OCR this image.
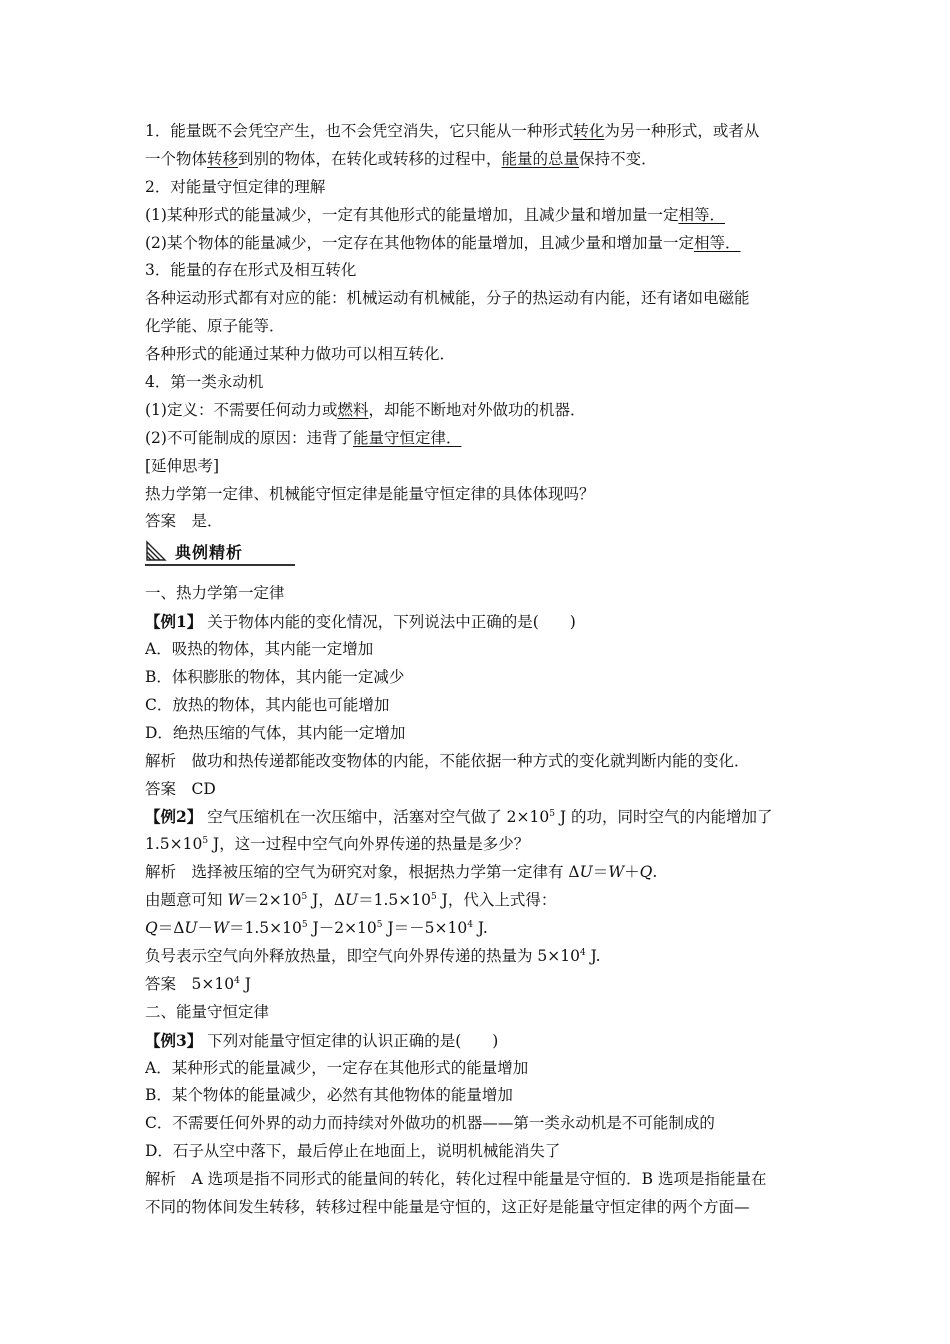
1．能量既不会凭空产生，也不会凭空消失，它只能从一种形式转化为另一种形式，或者从
一个物体转移到别的物体，在转化或转移的过程中，能量的总量保持不变．
2．对能量守恒定律的理解
(1)某种形式的能量减少，一定有其他形式的能量增加，且减少量和增加量一定相等．
(2)某个物体的能量减少，一定存在其他物体的能量增加，且减少量和增加量一定相等．
3．能量的存在形式及相互转化
各种运动形式都有对应的能：机械运动有机械能，分子的热运动有内能，还有诸如电磁能
化学能、原子能等．
各种形式的能通过某种力做功可以相互转化．
4．第一类永动机
(1)定义：不需要任何动力或燃料，却能不断地对外做功的机器．
(2)不可能制成的原因：违背了能量守恒定律．
[延伸思考]
热力学第一定律、机械能守恒定律是能量守恒定律的具体体现吗？
答案　是．
典例精析
一、热力学第一定律
【例1】 关于物体内能的变化情况，下列说法中正确的是(　　)
A．吸热的物体，其内能一定增加
B．体积膨胀的物体，其内能一定减少
C．放热的物体，其内能也可能增加
D．绝热压缩的气体，其内能一定增加
解析　做功和热传递都能改变物体的内能，不能依据一种方式的变化就判断内能的变化．
答案　CD
【例2】 空气压缩机在一次压缩中，活塞对空气做了 $2\times 10^5$ J 的功，同时空气的内能增加了
$1.5\times 10^5$ J，这一过程中空气向外界传递的热量是多少？
解析　选择被压缩的空气为研究对象，根据热力学第一定律有 ΔU＝W＋Q.
由题意可知 $W=2\times 10^5$ J，$\Delta U=1.5\times 10^5$ J，代入上式得：
$Q=\Delta U-W=1.5\times 10^5$ $J-2\times 10^5$ $J=-5\times 10^4$ J.
负号表示空气向外释放热量，即空气向外界传递的热量为 $5\times 10^4$ J.
答案　$5\times 10^4$ J
二、能量守恒定律
【例3】 下列对能量守恒定律的认识正确的是(　　)
A．某种形式的能量减少，一定存在其他形式的能量增加
B．某个物体的能量减少，必然有其他物体的能量增加
C．不需要任何外界的动力而持续对外做功的机器——第一类永动机是不可能制成的
D．石子从空中落下，最后停止在地面上，说明机械能消失了
解析　A 选项是指不同形式的能量间的转化，转化过程中能量是守恒的．B 选项是指能量在
不同的物体间发生转移，转移过程中能量是守恒的，这正好是能量守恒定律的两个方面—
